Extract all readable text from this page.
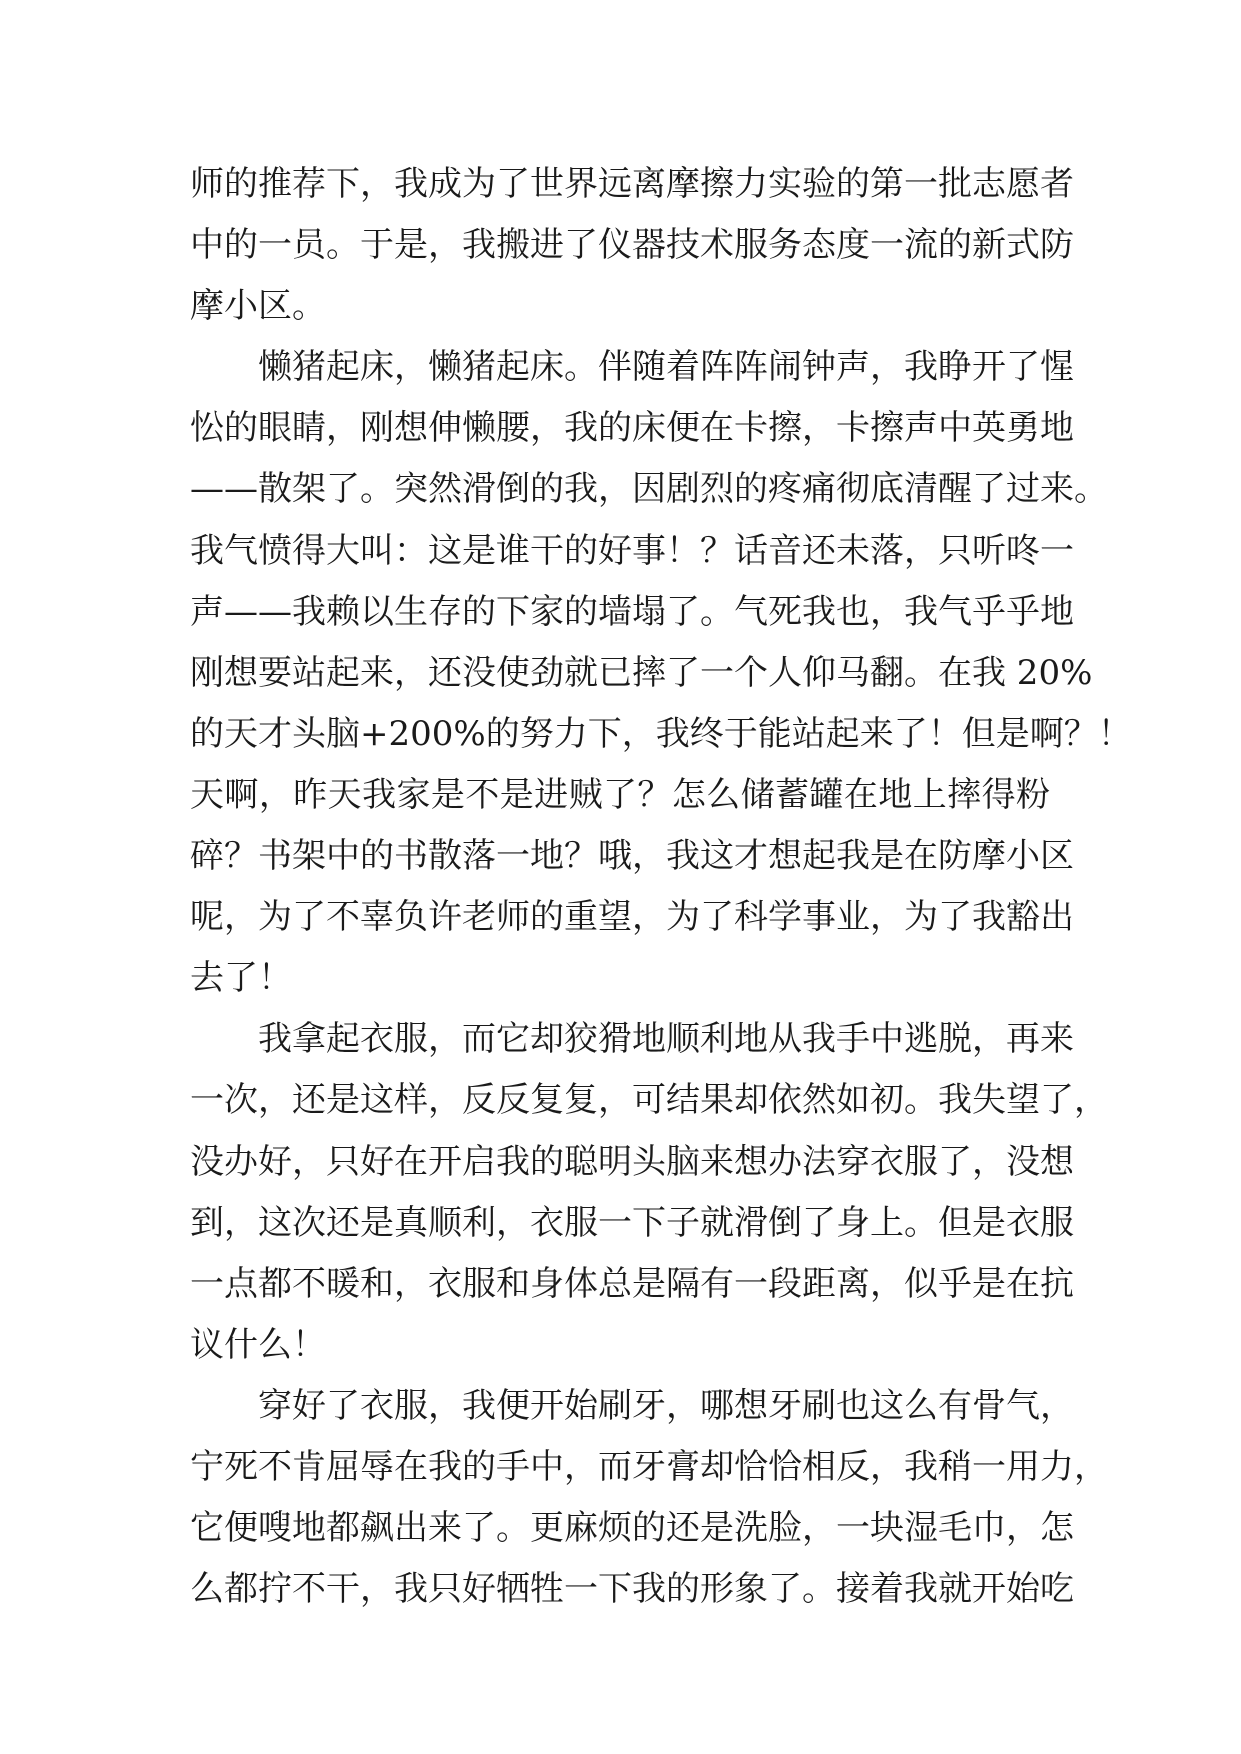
师的推荐下，我成为了世界远离摩擦力实验的第一批志愿者
中的一员。于是，我搬进了仪器技术服务态度一流的新式防
摩小区。
懒猪起床，懒猪起床。伴随着阵阵闹钟声，我睁开了惺
忪的眼睛，刚想伸懒腰，我的床便在卡擦，卡擦声中英勇地
——散架了。突然滑倒的我，因剧烈的疼痛彻底清醒了过来。
我气愤得大叫：这是谁干的好事！？话音还未落，只听咚一
声——我赖以生存的下家的墙塌了。气死我也，我气乎乎地
刚想要站起来，还没使劲就已摔了一个人仰马翻。在我 20%
的天才头脑+200%的努力下，我终于能站起来了！但是啊？！
天啊，昨天我家是不是进贼了？怎么储蓄罐在地上摔得粉
碎？书架中的书散落一地？哦，我这才想起我是在防摩小区
呢，为了不辜负许老师的重望，为了科学事业，为了我豁出
去了！
我拿起衣服，而它却狡猾地顺利地从我手中逃脱，再来
一次，还是这样，反反复复，可结果却依然如初。我失望了，
没办好，只好在开启我的聪明头脑来想办法穿衣服了，没想
到，这次还是真顺利，衣服一下子就滑倒了身上。但是衣服
一点都不暖和，衣服和身体总是隔有一段距离，似乎是在抗
议什么！
穿好了衣服，我便开始刷牙，哪想牙刷也这么有骨气，
宁死不肯屈辱在我的手中，而牙膏却恰恰相反，我稍一用力，
它便嗖地都飙出来了。更麻烦的还是洗脸，一块湿毛巾，怎
么都拧不干，我只好牺牲一下我的形象了。接着我就开始吃
